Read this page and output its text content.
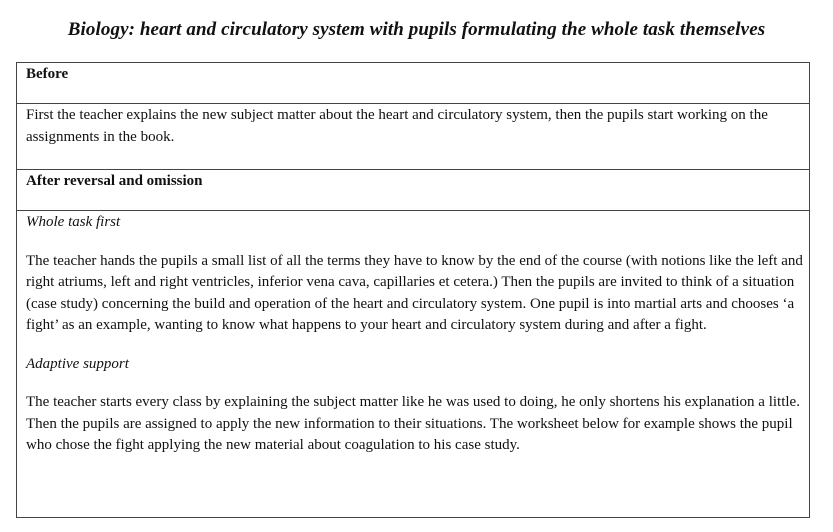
Biology: heart and circulatory system with pupils formulating the whole task themselves
Before

First the teacher explains the new subject matter about the heart and circulatory system, then the pupils start working on the assignments in the book.

After reversal and omission

Whole task first

The teacher hands the pupils a small list of all the terms they have to know by the end of the course (with notions like the left and right atriums, left and right ventricles, inferior vena cava, capillaries et cetera.) Then the pupils are invited to think of a situation (case study) concerning the build and operation of the heart and circulatory system. One pupil is into martial arts and chooses ‘a fight’ as an example, wanting to know what happens to your heart and circulatory system during and after a fight.

Adaptive support

The teacher starts every class by explaining the subject matter like he was used to doing, he only shortens his explanation a little. Then the pupils are assigned to apply the new information to their situations. The worksheet below for example shows the pupil who chose the fight applying the new material about coagulation to his case study.
